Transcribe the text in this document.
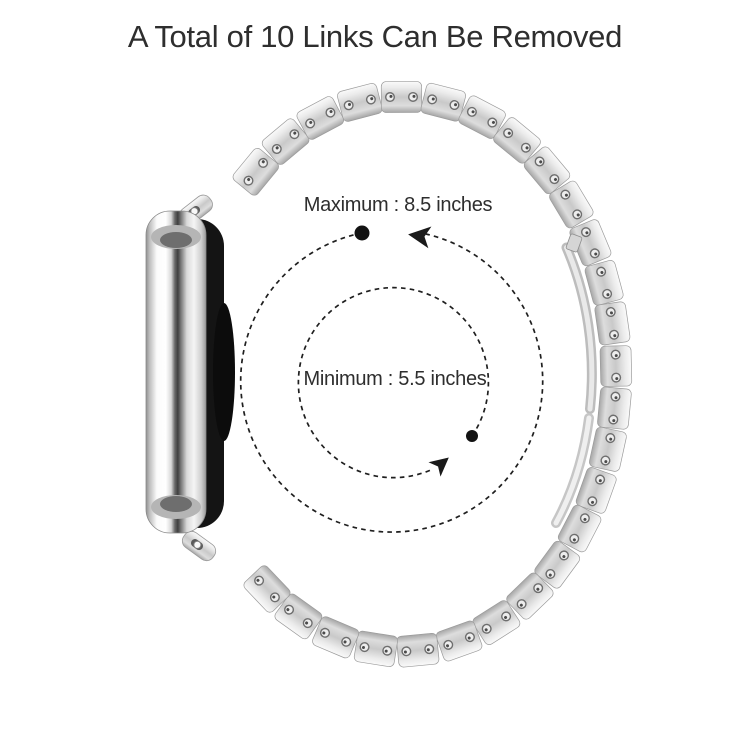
A Total of 10 Links Can Be Removed
Maximum : 8.5 inches
Minimum : 5.5 inches
